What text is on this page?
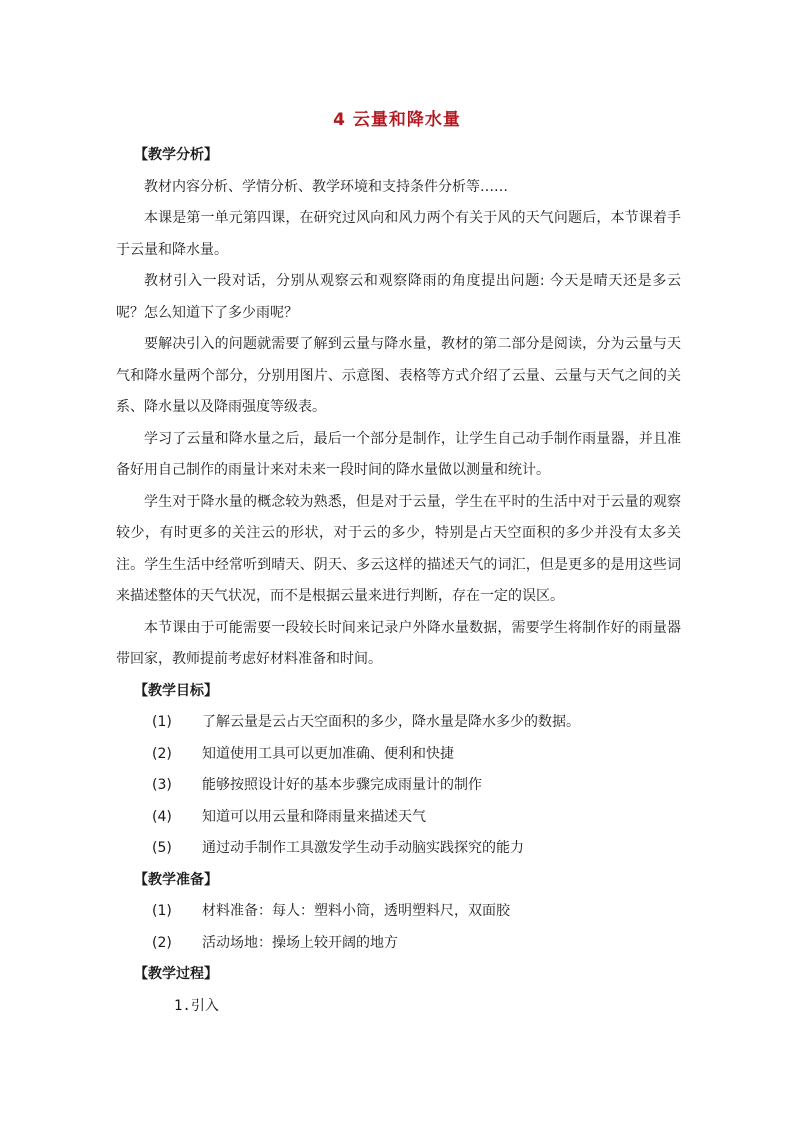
4 云量和降水量

【教学分析】

教材内容分析、学情分析、教学环境和支持条件分析等……

本课是第一单元第四课，在研究过风向和风力两个有关于风的天气问题后，本节课着手于云量和降水量。

教材引入一段对话，分别从观察云和观察降雨的角度提出问题: 今天是晴天还是多云呢？怎么知道下了多少雨呢？

要解决引入的问题就需要了解到云量与降水量，教材的第二部分是阅读，分为云量与天气和降水量两个部分，分别用图片、示意图、表格等方式介绍了云量、云量与天气之间的关系、降水量以及降雨强度等级表。

学习了云量和降水量之后，最后一个部分是制作，让学生自己动手制作雨量器，并且准备好用自己制作的雨量计来对未来一段时间的降水量做以测量和统计。

学生对于降水量的概念较为熟悉，但是对于云量，学生在平时的生活中对于云量的观察较少，有时更多的关注云的形状，对于云的多少，特别是占天空面积的多少并没有太多关注。学生生活中经常听到晴天、阴天、多云这样的描述天气的词汇，但是更多的是用这些词来描述整体的天气状况，而不是根据云量来进行判断，存在一定的误区。

本节课由于可能需要一段较长时间来记录户外降水量数据，需要学生将制作好的雨量器带回家，教师提前考虑好材料准备和时间。

【教学目标】

(1) 了解云量是云占天空面积的多少，降水量是降水多少的数据。

(2) 知道使用工具可以更加准确、便利和快捷

(3) 能够按照设计好的基本步骤完成雨量计的制作

(4) 知道可以用云量和降雨量来描述天气

(5) 通过动手制作工具激发学生动手动脑实践探究的能力

【教学准备】

(1) 材料准备：每人：塑料小筒，透明塑料尺，双面胶

(2) 活动场地：操场上较开阔的地方

【教学过程】

1.引入
